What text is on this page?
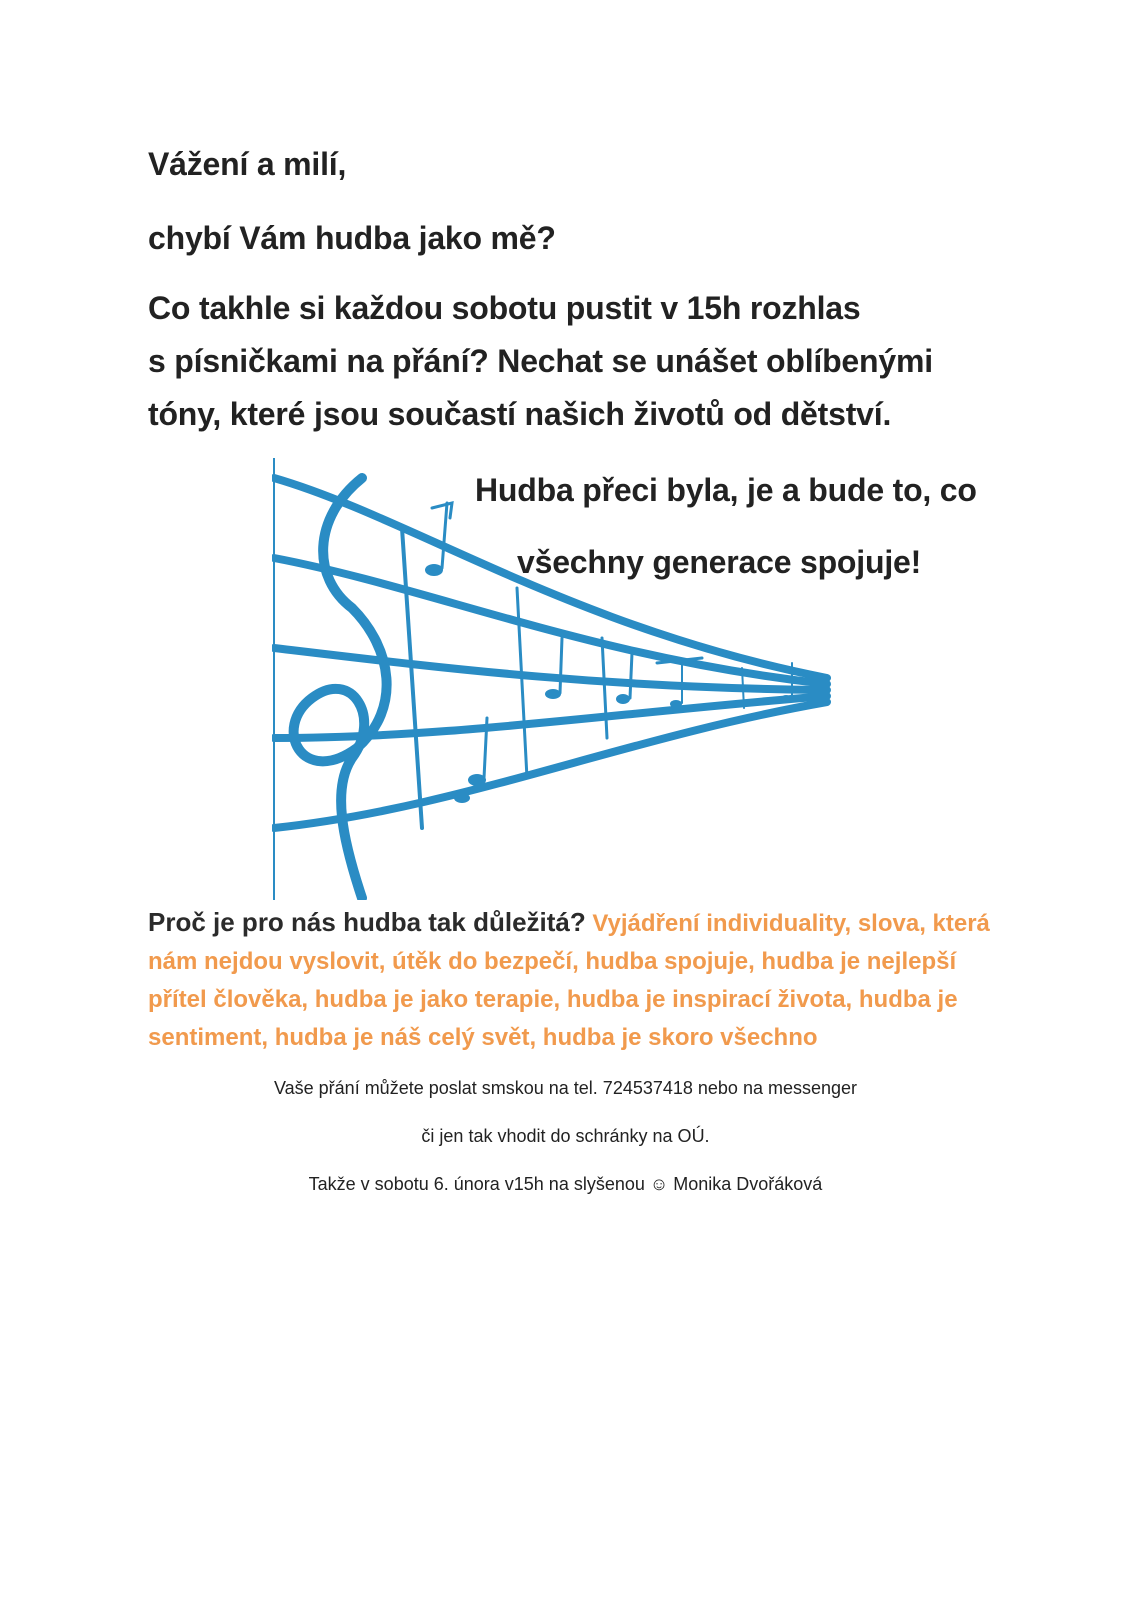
Vážení a milí,
chybí Vám hudba jako mě?
Co takhle si každou sobotu pustit v 15h rozhlas
s písničkami na přání? Nechat se unášet oblíbenými
tóny, které jsou součastí našich životů od dětství.
Hudba přeci byla, je a bude to, co
všechny generace spojuje!
Proč je pro nás hudba tak důležitá? Vyjádření individuality, slova, která nám nejdou vyslovit, útěk do bezpečí, hudba spojuje, hudba je nejlepší přítel člověka, hudba je jako terapie, hudba je inspirací života, hudba je sentiment, hudba je náš celý svět, hudba je skoro všechno
Vaše přání můžete poslat smskou na tel. 724537418 nebo na messenger
či jen tak vhodit do schránky na OÚ.
Takže v sobotu 6. února v15h na slyšenou ☺ Monika Dvořáková
